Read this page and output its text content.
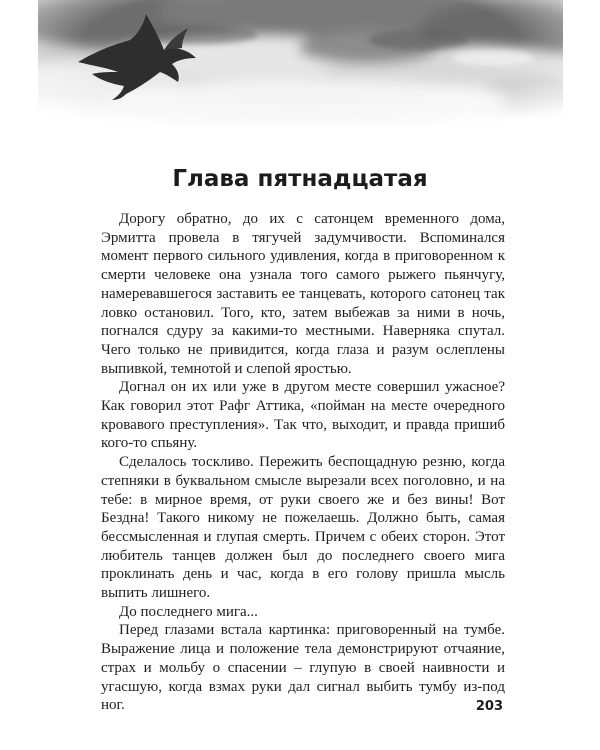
Глава пятнадцатая

Дорогу обратно, до их с сатонцем временного дома, Эрмитта провела в тягучей задумчивости. Вспоминался момент первого сильного удивления, когда в приговоренном к смерти человеке она узнала того самого рыжего пьянчугу, намеревавшегося заставить ее танцевать, которого сатонец так ловко остановил. Того, кто, затем выбежав за ними в ночь, погнался сдуру за какими-то местными. Наверняка спутал. Чего только не привидится, когда глаза и разум ослеплены выпивкой, темнотой и слепой яростью.

Догнал он их или уже в другом месте совершил ужасное? Как говорил этот Рафг Аттика, «пойман на месте очередного кровавого преступления». Так что, выходит, и правда пришиб кого-то спьяну.

Сделалось тоскливо. Пережить беспощадную резню, когда степняки в буквальном смысле вырезали всех поголовно, и на тебе: в мирное время, от руки своего же и без вины! Вот Бездна! Такого никому не пожелаешь. Должно быть, самая бессмысленная и глупая смерть. Причем с обеих сторон. Этот любитель танцев должен был до последнего своего мига проклинать день и час, когда в его голову пришла мысль выпить лишнего.

До последнего мига...

Перед глазами встала картинка: приговоренный на тумбе. Выражение лица и положение тела демонстрируют отчаяние, страх и мольбу о спасении – глупую в своей наивности и угасшую, когда взмах руки дал сигнал выбить тумбу из-под ног.	203
